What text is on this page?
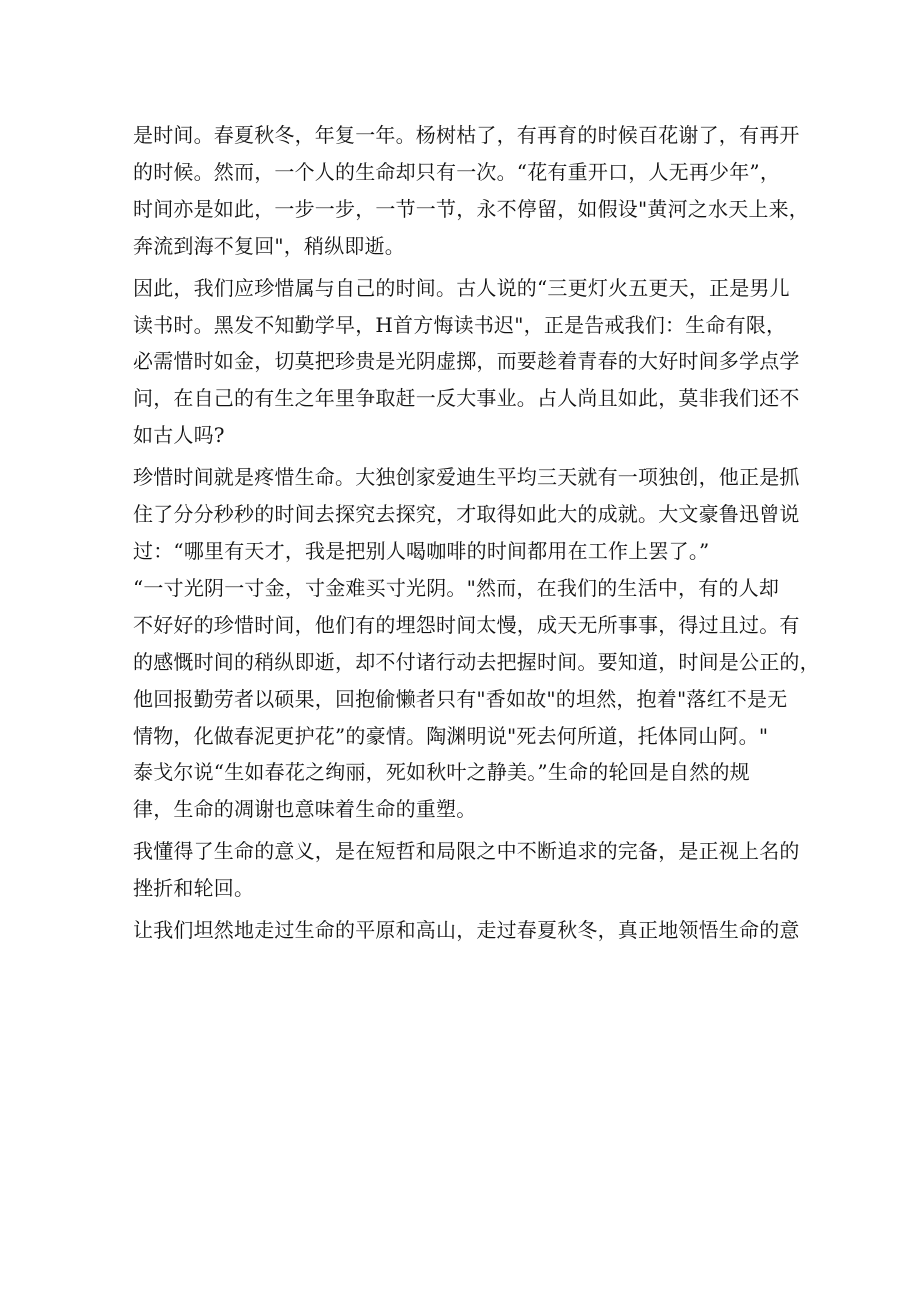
是时间。春夏秋冬，年复一年。杨树枯了，有再育的时候百花谢了，有再开
的时候。然而，一个人的生命却只有一次。“花有重开口，人无再少年”，
时间亦是如此，一步一步，一节一节，永不停留，如假设"黄河之水天上来，
奔流到海不复回"，稍纵即逝。
因此，我们应珍惜属与自己的时间。古人说的“三更灯火五更天，正是男儿
读书时。黑发不知勤学早，H首方悔读书迟"，正是告戒我们：生命有限，
必需惜时如金，切莫把珍贵是光阴虚掷，而要趁着青春的大好时间多学点学
问，在自己的有生之年里争取赶一反大事业。占人尚且如此，莫非我们还不
如古人吗?
珍惜时间就是疼惜生命。大独创家爱迪生平均三天就有一项独创，他正是抓
住了分分秒秒的时间去探究去探究，才取得如此大的成就。大文豪鲁迅曾说
过：“哪里有天才，我是把别人喝咖啡的时间都用在工作上罢了。”
“一寸光阴一寸金，寸金难买寸光阴。"然而，在我们的生活中，有的人却
不好好的珍惜时间，他们有的埋怨时间太慢，成天无所事事，得过且过。有
的感慨时间的稍纵即逝，却不付诸行动去把握时间。要知道，时间是公正的，
他回报勤劳者以硕果，回抱偷懒者只有"香如故"的坦然，抱着"落红不是无
情物，化做春泥更护花”的豪情。陶渊明说"死去何所道，托体同山阿。"
泰戈尔说“生如春花之绚丽，死如秋叶之静美。”生命的轮回是自然的规
律，生命的凋谢也意味着生命的重塑。
我懂得了生命的意义，是在短哲和局限之中不断追求的完备，是正视上名的
挫折和轮回。
让我们坦然地走过生命的平原和高山，走过春夏秋冬，真正地领悟生命的意
